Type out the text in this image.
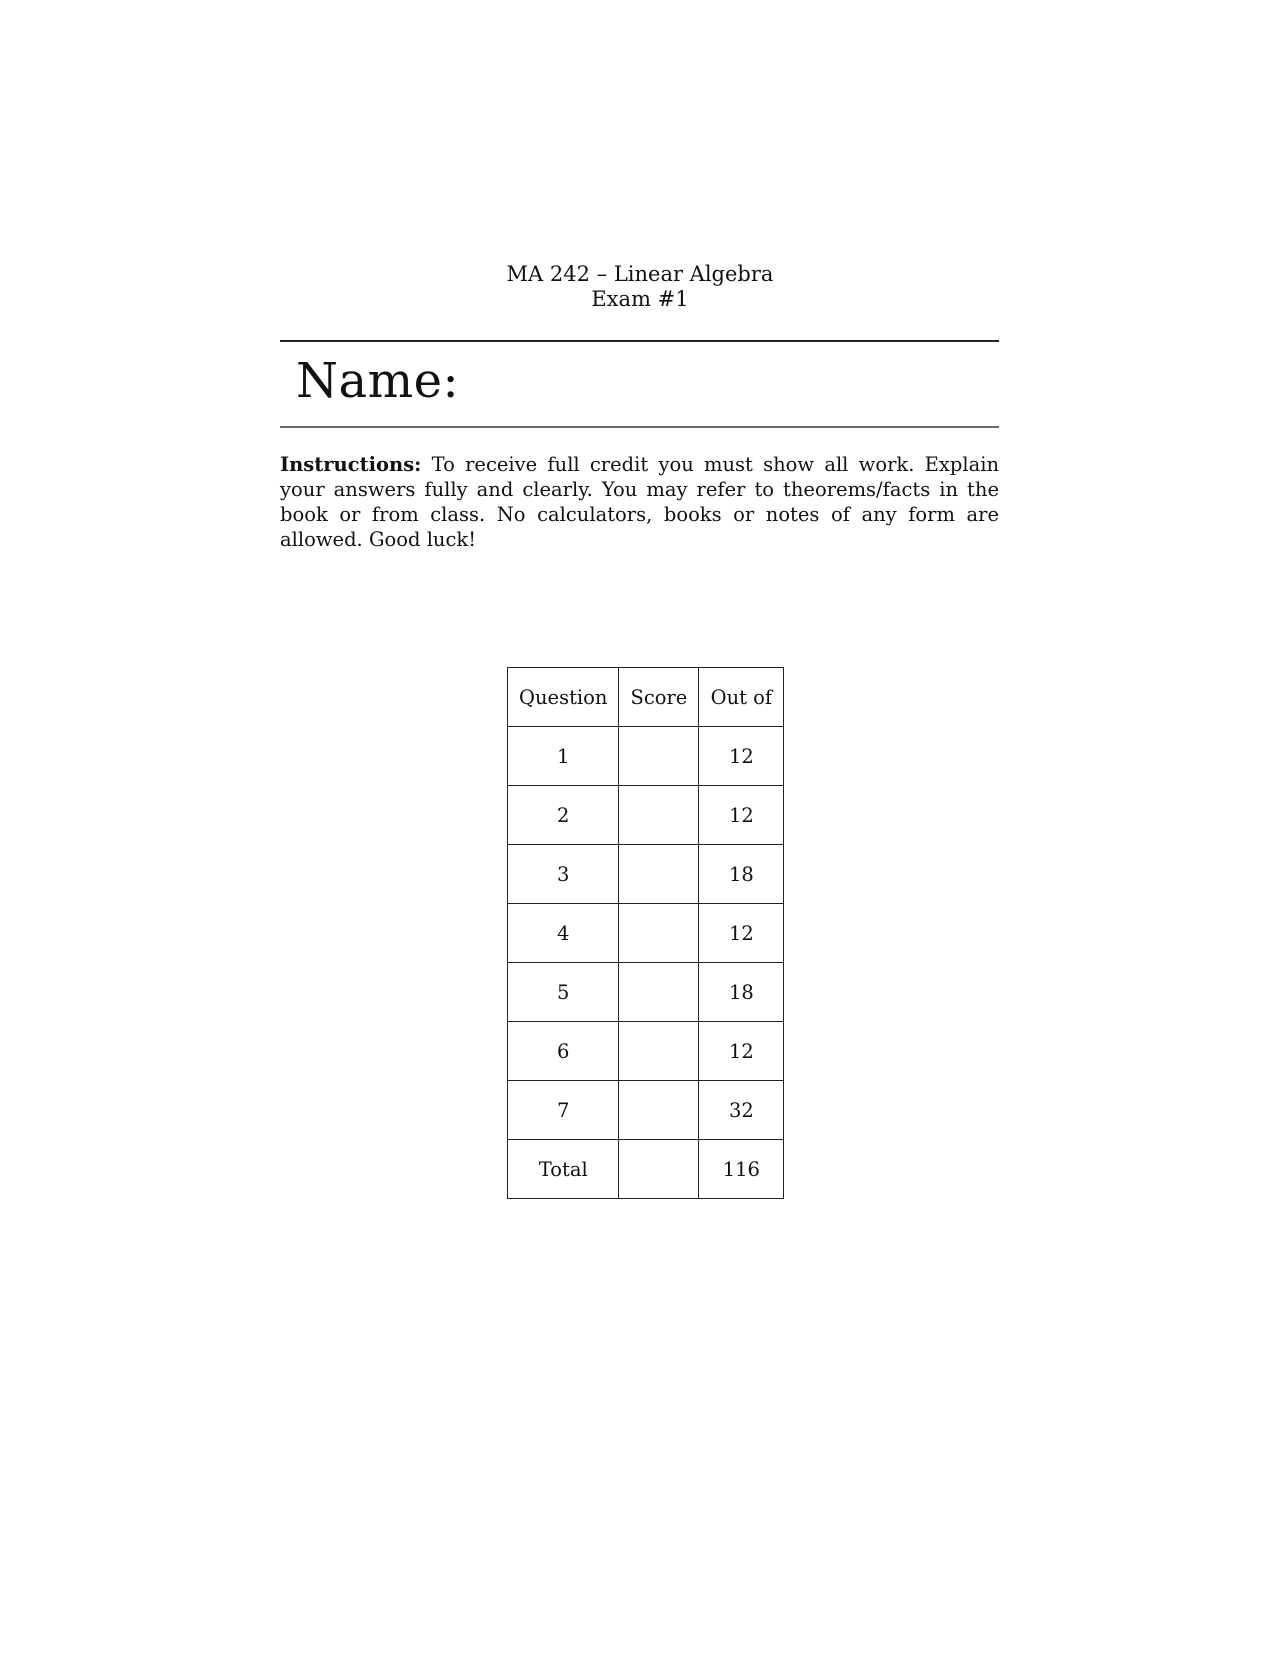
MA 242 – Linear Algebra
Exam #1
Name:
Instructions: To receive full credit you must show all work. Explain your answers fully and clearly. You may refer to theorems/facts in the book or from class. No calculators, books or notes of any form are allowed. Good luck!
Question	Score	Out of
1		12
2		12
3		18
4		12
5		18
6		12
7		32
Total		116
